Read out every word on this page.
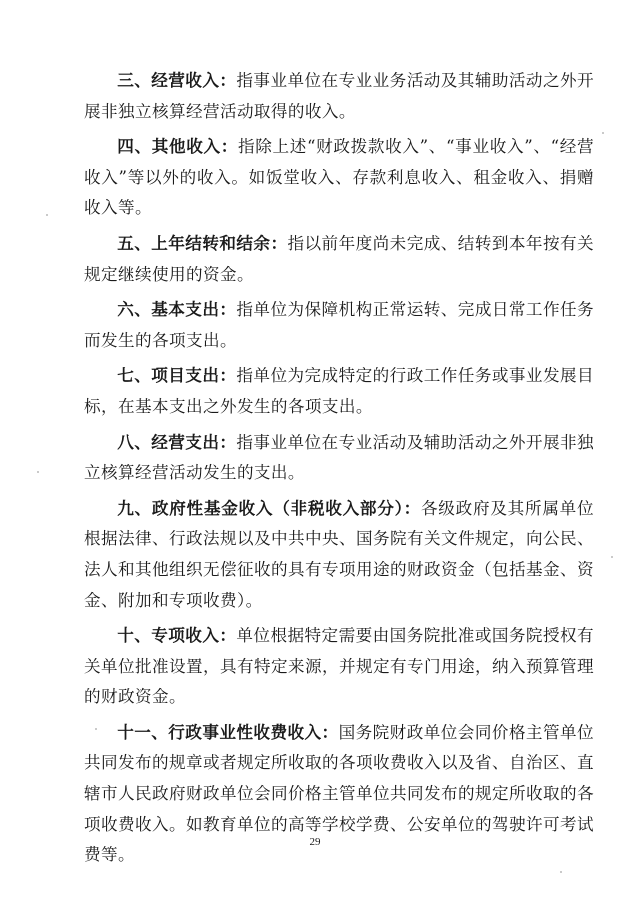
三、经营收入：指事业单位在专业业务活动及其辅助活动之外开展非独立核算经营活动取得的收入。

四、其他收入：指除上述“财政拨款收入”、“事业收入”、“经营收入”等以外的收入。如饭堂收入、存款利息收入、租金收入、捐赠收入等。

五、上年结转和结余：指以前年度尚未完成、结转到本年按有关规定继续使用的资金。

六、基本支出：指单位为保障机构正常运转、完成日常工作任务而发生的各项支出。

七、项目支出：指单位为完成特定的行政工作任务或事业发展目标，在基本支出之外发生的各项支出。

八、经营支出：指事业单位在专业活动及辅助活动之外开展非独立核算经营活动发生的支出。

九、政府性基金收入（非税收入部分）：各级政府及其所属单位根据法律、行政法规以及中共中央、国务院有关文件规定，向公民、法人和其他组织无偿征收的具有专项用途的财政资金（包括基金、资金、附加和专项收费）。

十、专项收入：单位根据特定需要由国务院批准或国务院授权有关单位批准设置，具有特定来源，并规定有专门用途，纳入预算管理的财政资金。

十一、行政事业性收费收入：国务院财政单位会同价格主管单位共同发布的规章或者规定所收取的各项收费收入以及省、自治区、直辖市人民政府财政单位会同价格主管单位共同发布的规定所收取的各项收费收入。如教育单位的高等学校学费、公安单位的驾驶许可考试费等。

29
